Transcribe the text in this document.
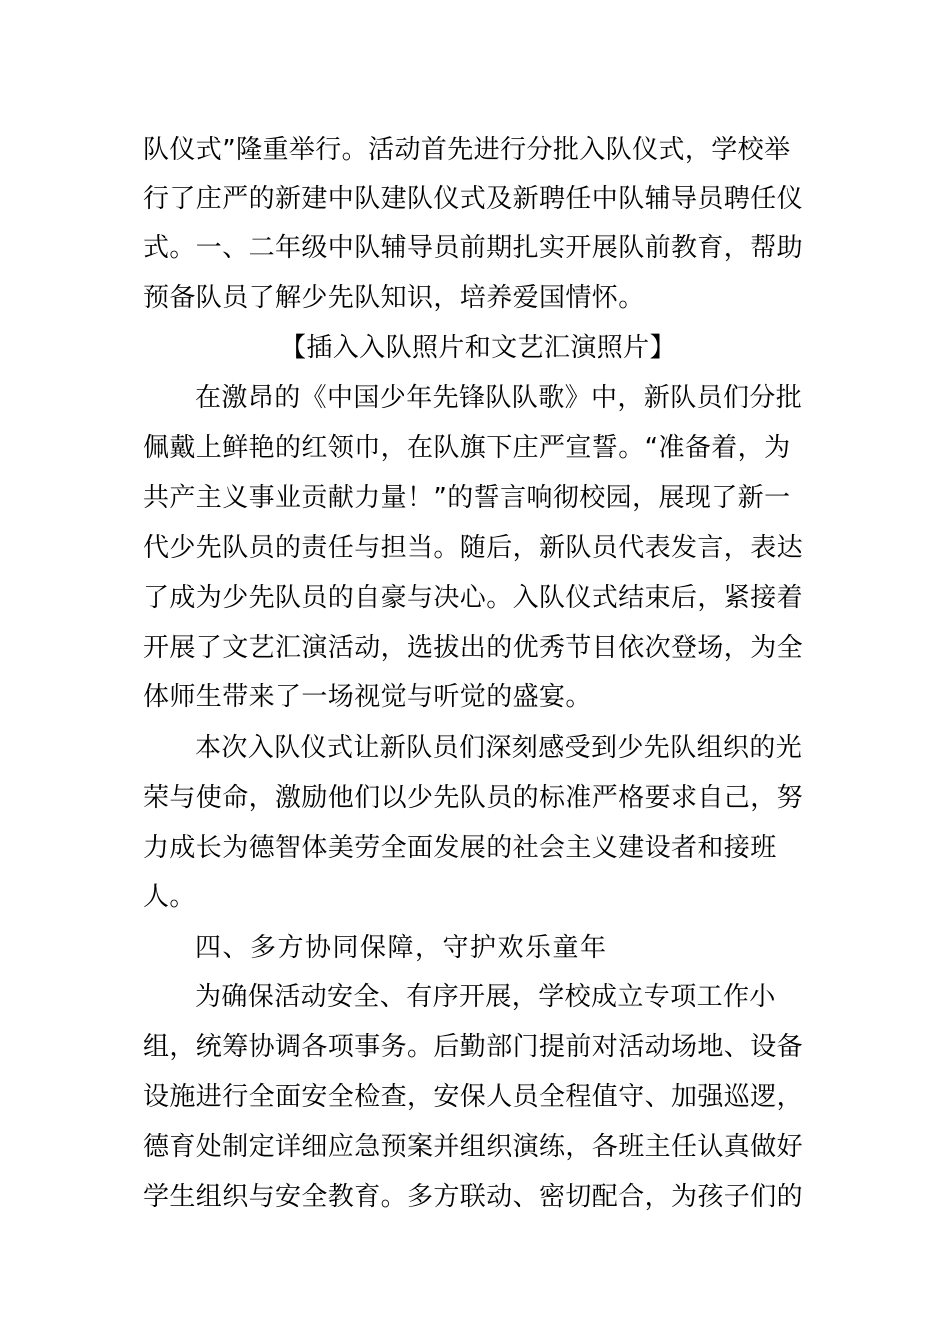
队仪式”隆重举行。活动首先进行分批入队仪式，学校举
行了庄严的新建中队建队仪式及新聘任中队辅导员聘任仪
式。一、二年级中队辅导员前期扎实开展队前教育，帮助
预备队员了解少先队知识，培养爱国情怀。
【插入入队照片和文艺汇演照片】
在激昂的《中国少年先锋队队歌》中，新队员们分批
佩戴上鲜艳的红领巾，在队旗下庄严宣誓。“准备着，为
共产主义事业贡献力量！”的誓言响彻校园，展现了新一
代少先队员的责任与担当。随后，新队员代表发言，表达
了成为少先队员的自豪与决心。入队仪式结束后，紧接着
开展了文艺汇演活动，选拔出的优秀节目依次登场，为全
体师生带来了一场视觉与听觉的盛宴。
本次入队仪式让新队员们深刻感受到少先队组织的光
荣与使命，激励他们以少先队员的标准严格要求自己，努
力成长为德智体美劳全面发展的社会主义建设者和接班
人。
四、多方协同保障，守护欢乐童年
为确保活动安全、有序开展，学校成立专项工作小
组，统筹协调各项事务。后勤部门提前对活动场地、设备
设施进行全面安全检查，安保人员全程值守、加强巡逻，
德育处制定详细应急预案并组织演练，各班主任认真做好
学生组织与安全教育。多方联动、密切配合，为孩子们的
